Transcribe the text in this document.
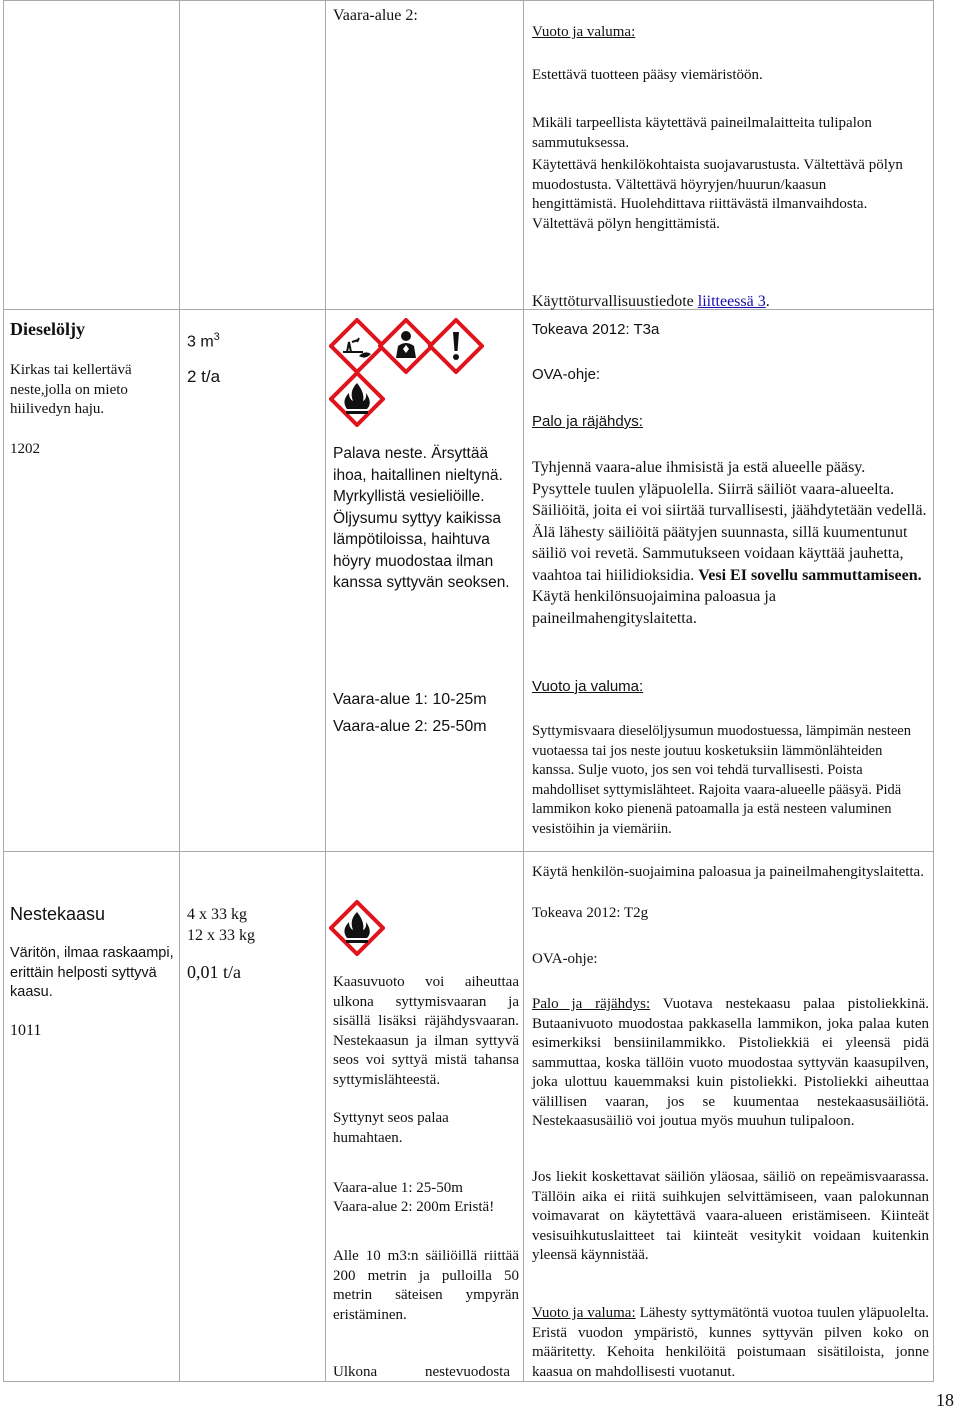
Vaara-alue 2:

Vuoto ja valuma:

Estettävä tuotteen pääsy viemäristöön.

Mikäli tarpeellista käytettävä paineilmalaitteita tulipalon sammutuksessa.

Käytettävä henkilökohtaista suojavarustusta. Vältettävä pölyn muodostusta. Vältettävä höyryjen/huurun/kaasun hengittämistä. Huolehdittava riittävästä ilmanvaihdosta. Vältettävä pölyn hengittämistä.

Käyttöturvallisuustiedote liitteessä 3.

Dieselöljy

Kirkas tai kellertävä neste,jolla on mieto hiilivedyn haju.

1202

3 $m^3$

2 t/a

Palava neste. Ärsyttää ihoa, haitallinen nieltynä. Myrkyllistä vesieliöille. Öljysumu syttyy kaikissa lämpötiloissa, haihtuva höyry muodostaa ilman kanssa syttyvän seoksen.

Vaara-alue 1: 10-25m

Vaara-alue 2: 25-50m

Tokeava 2012: T3a

OVA-ohje:

Palo ja räjähdys:

Tyhjennä vaara-alue ihmisistä ja estä alueelle pääsy. Pysyttele tuulen yläpuolella. Siirrä säiliöt vaara-alueelta. Säiliöitä, joita ei voi siirtää turvallisesti, jäähdytetään vedellä. Älä lähesty säiliöitä päätyjen suunnasta, sillä kuumentunut säiliö voi revetä. Sammutukseen voidaan käyttää jauhetta, vaahtoa tai hiilidioksidia. Vesi EI sovellu sammuttamiseen. Käytä henkilönsuojaimina paloasua ja paineilmahengityslaitetta.

Vuoto ja valuma:

Syttymisvaara dieselöljysumun muodostuessa, lämpimän nesteen vuotaessa tai jos neste joutuu kosketuksiin lämmönlähteiden kanssa. Sulje vuoto, jos sen voi tehdä turvallisesti. Poista mahdolliset syttymislähteet. Rajoita vaara-alueelle pääsyä. Pidä lammikon koko pienenä patoamalla ja estä nesteen valuminen vesistöihin ja viemäriin.

Käytä henkilön-suojaimina paloasua ja paineilmahengityslaitetta.

Nestekaasu

Väritön, ilmaa raskaampi, erittäin helposti syttyvä kaasu.

1011

4 x 33 kg

12 x 33 kg

0,01 t/a	Kaasuvuoto voi aiheuttaa ulkona syttymisvaaran ja sisällä lisäksi räjähdysvaaran. Nestekaasun ja ilman syttyvä seos voi syttyä mistä tahansa syttymislähteestä.

Syttynyt seos palaa humahtaen.

Vaara-alue 1: 25-50m

Vaara-alue 2: 200m Eristä!

Alle 10 m3:n säiliöillä riittää 200 metrin ja pulloilla 50 metrin säteisen ympyrän eristäminen.

Ulkona	nestevuodosta

Tokeava 2012: T2g

OVA-ohje:

Palo ja räjähdys: Vuotava nestekaasu palaa pistoliekkinä. Butaanivuoto muodostaa pakkasella lammikon, joka palaa kuten esimerkiksi bensiinilammikko. Pistoliekkiä ei yleensä pidä sammuttaa, koska tällöin vuoto muodostaa syttyvän kaasupilven, joka ulottuu kauemmaksi kuin pistoliekki. Pistoliekki aiheuttaa välillisen vaaran, jos se kuumentaa nestekaasusäiliötä. Nestekaasusäiliö voi joutua myös muuhun tulipaloon.

Jos liekit koskettavat säiliön yläosaa, säiliö on repeämisvaarassa. Tällöin aika ei riitä suihkujen selvittämiseen, vaan palokunnan voimavarat on käytettävä vaara-alueen eristämiseen. Kiinteät vesisuihkutuslaitteet tai kiinteät vesitykit voidaan kuitenkin yleensä käynnistää.

Vuoto ja valuma: Lähesty syttymätöntä vuotoa tuulen yläpuolelta. Eristä vuodon ympäristö, kunnes syttyvän pilven koko on määritetty. Kehoita henkilöitä poistumaan sisätiloista, jonne kaasua on mahdollisesti vuotanut.

18
